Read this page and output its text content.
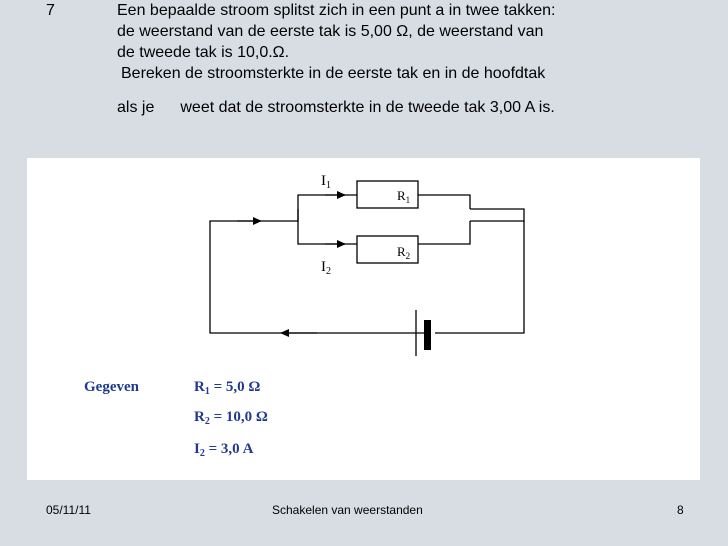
7	Een bepaalde stroom splitst zich in een punt a in twee takken:
de weerstand van de eerste tak is 5,00 Ω, de weerstand van
de tweede tak is 10,0.Ω.
Bereken de stroomsterkte in de eerste tak en in de hoofdtak
als je weet dat de stroomsterkte in de tweede tak 3,00 A is.
$I_1$
$I_2$
$R_1$
$R_2$
Gegeven	$R_1 = 5,0$ Ω
$R_2 = 10,0$ Ω
$I_2 = 3,0$ A
05/11/11	Schakelen van weerstanden	8
